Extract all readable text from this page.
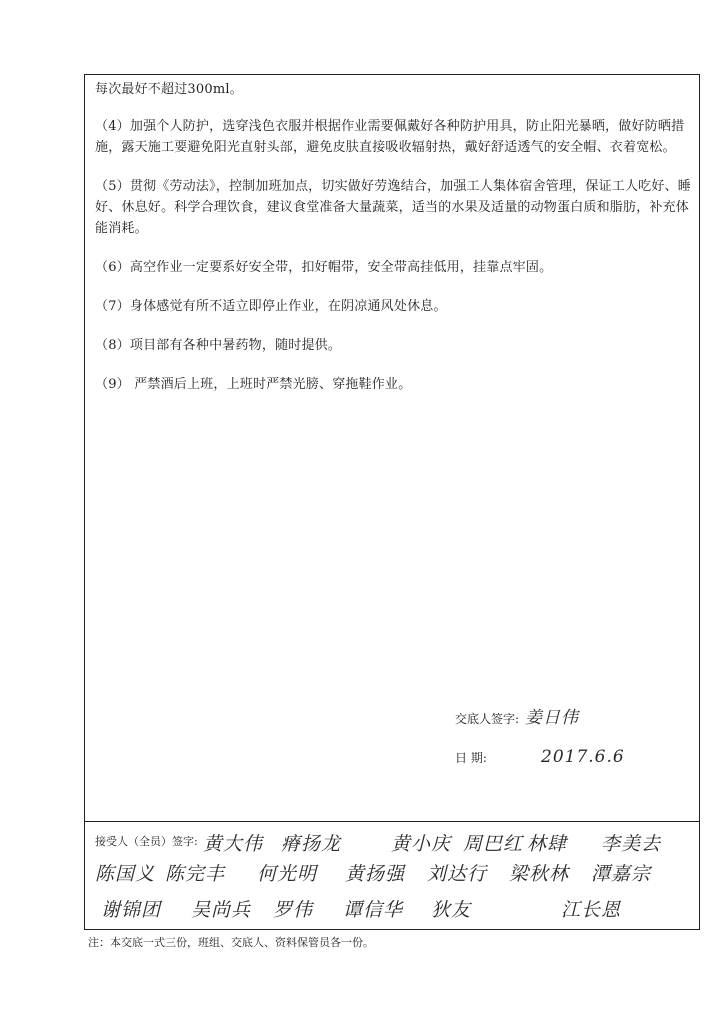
每次最好不超过300ml。

（4）加强个人防护，选穿浅色衣服并根据作业需要佩戴好各种防护用具，防止阳光暴晒，做好防晒措施，露天施工要避免阳光直射头部，避免皮肤直接吸收辐射热，戴好舒适透气的安全帽、衣着宽松。

（5）贯彻《劳动法》，控制加班加点，切实做好劳逸结合，加强工人集体宿舍管理，保证工人吃好、睡好、休息好。科学合理饮食，建议食堂准备大量蔬菜，适当的水果及适量的动物蛋白质和脂肪，补充体能消耗。

（6）高空作业一定要系好安全带，扣好帽带，安全带高挂低用，挂靠点牢固。

（7）身体感觉有所不适立即停止作业，在阴凉通风处休息。

（8）项目部有各种中暑药物，随时提供。

（9） 严禁酒后上班，上班时严禁光膀、穿拖鞋作业。

交底人签字: 姜日伟
日 期:	2017.6.6
接受人（全员）签字: 黄大伟 瘠扬龙	黄小庆 周巴红 林肆 李美去
陈国义 陈完丰 何光明 黄扬强 刘达行 梁秋林 潭嘉宗
谢锦团 吴尚兵 罗伟 谭信华 狄友	江长恩
注：本交底一式三份，班组、交底人、资料保管员各一份。
